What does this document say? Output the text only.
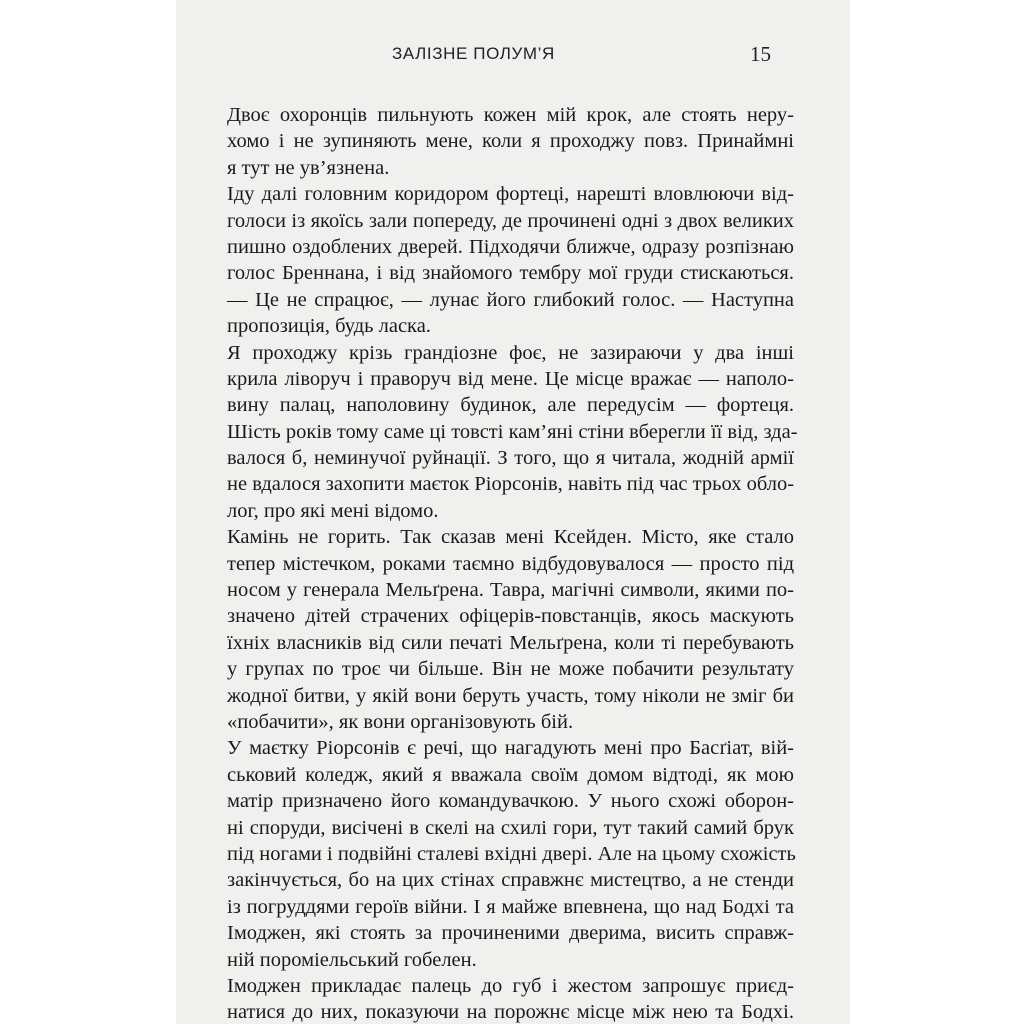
ЗАЛІЗНЕ ПОЛУМ’Я	15
Двоє охоронців пильнують кожен мій крок, але стоять неру-
хомо і не зупиняють мене, коли я проходжу повз. Принаймні
я тут не ув’язнена.
Іду далі головним коридором фортеці, нарешті вловлюючи від-
голоси із якоїсь зали попереду, де прочинені одні з двох великих
пишно оздоблених дверей. Підходячи ближче, одразу розпізнаю
голос Бреннана, і від знайомого тембру мої груди стискаються.
— Це не спрацює, — лунає його глибокий голос. — Наступна
пропозиція, будь ласка.
Я проходжу крізь грандіозне фоє, не зазираючи у два інші
крила ліворуч і праворуч від мене. Це місце вражає — наполо-
вину палац, наполовину будинок, але передусім — фортеця.
Шість років тому саме ці товсті кам’яні стіни вберегли її від, зда-
валося б, неминучої руйнації. З того, що я читала, жодній армії
не вдалося захопити маєток Ріорсонів, навіть під час трьох обло-
лог, про які мені відомо.
Камінь не горить. Так сказав мені Ксейден. Місто, яке стало
тепер містечком, роками таємно відбудовувалося — просто під
носом у генерала Мельґрена. Тавра, магічні символи, якими по-
значено дітей страчених офіцерів-повстанців, якось маскують
їхніх власників від сили печаті Мельґрена, коли ті перебувають
у групах по троє чи більше. Він не може побачити результату
жодної битви, у якій вони беруть участь, тому ніколи не зміг би
«побачити», як вони організовують бій.
У маєтку Ріорсонів є речі, що нагадують мені про Басґіат, вій-
ськовий коледж, який я вважала своїм домом відтоді, як мою
матір призначено його командувачкою. У нього схожі оборон-
ні споруди, висічені в скелі на схилі гори, тут такий самий брук
під ногами і подвійні сталеві вхідні двері. Але на цьому схожість
закінчується, бо на цих стінах справжнє мистецтво, а не стенди
із погруддями героїв війни. І я майже впевнена, що над Бодхі та
Імоджен, які стоять за прочиненими дверима, висить справж-
ній пороміельський гобелен.
Імоджен прикладає палець до губ і жестом запрошує приєд-
натися до них, показуючи на порожнє місце між нею та Бодхі.
